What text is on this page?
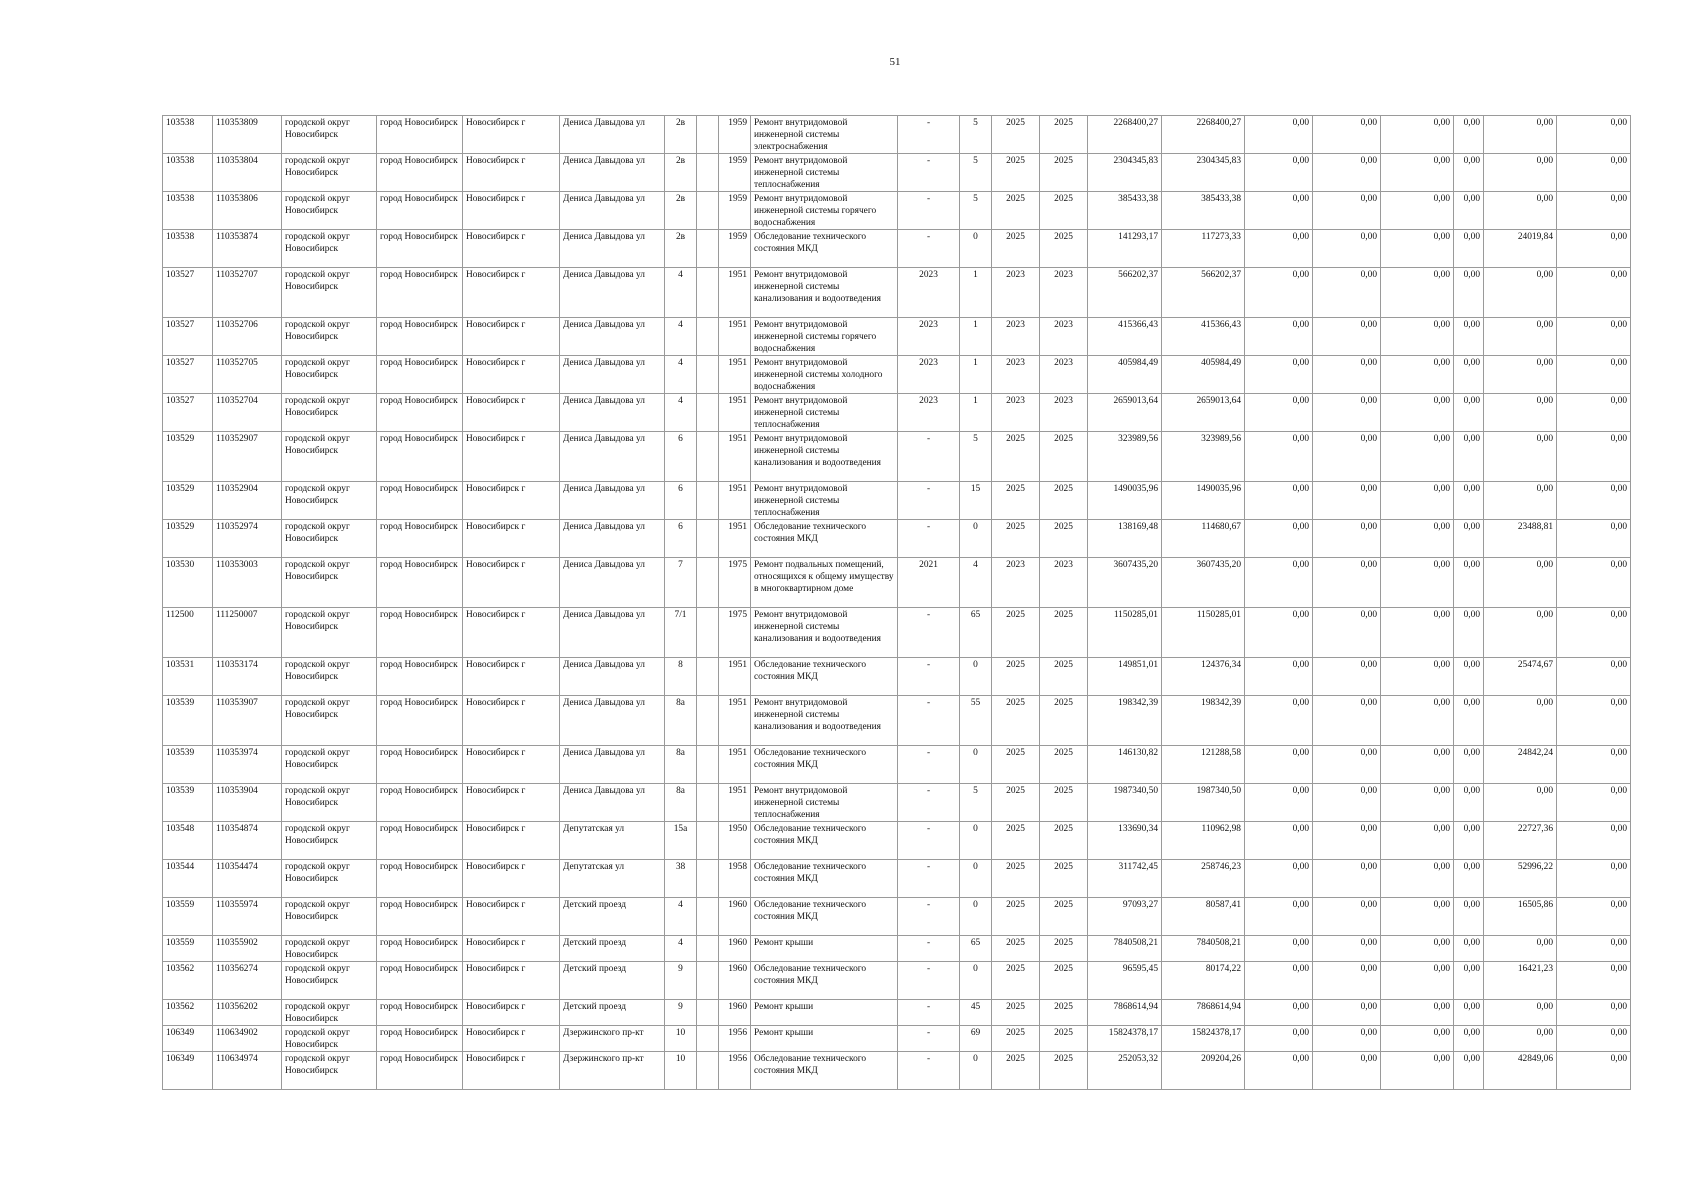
51
103538	110353809	городской округ Новосибирск	город Новосибирск	Новосибирск г	Дениса Давыдова ул	2в		1959	Ремонт внутридомовой инженерной системы электроснабжения	-	5	2025	2025	2268400,27	2268400,27	0,00	0,00	0,00	0,00	0,00	0,00
103538	110353804	городской округ Новосибирск	город Новосибирск	Новосибирск г	Дениса Давыдова ул	2в		1959	Ремонт внутридомовой инженерной системы теплоснабжения	-	5	2025	2025	2304345,83	2304345,83	0,00	0,00	0,00	0,00	0,00	0,00
103538	110353806	городской округ Новосибирск	город Новосибирск	Новосибирск г	Дениса Давыдова ул	2в		1959	Ремонт внутридомовой инженерной системы горячего водоснабжения	-	5	2025	2025	385433,38	385433,38	0,00	0,00	0,00	0,00	0,00	0,00
103538	110353874	городской округ Новосибирск	город Новосибирск	Новосибирск г	Дениса Давыдова ул	2в		1959	Обследование технического состояния МКД	-	0	2025	2025	141293,17	117273,33	0,00	0,00	0,00	0,00	24019,84	0,00
103527	110352707	городской округ Новосибирск	город Новосибирск	Новосибирск г	Дениса Давыдова ул	4		1951	Ремонт внутридомовой инженерной системы канализования и водоотведения	2023	1	2023	2023	566202,37	566202,37	0,00	0,00	0,00	0,00	0,00	0,00
103527	110352706	городской округ Новосибирск	город Новосибирск	Новосибирск г	Дениса Давыдова ул	4		1951	Ремонт внутридомовой инженерной системы горячего водоснабжения	2023	1	2023	2023	415366,43	415366,43	0,00	0,00	0,00	0,00	0,00	0,00
103527	110352705	городской округ Новосибирск	город Новосибирск	Новосибирск г	Дениса Давыдова ул	4		1951	Ремонт внутридомовой инженерной системы холодного водоснабжения	2023	1	2023	2023	405984,49	405984,49	0,00	0,00	0,00	0,00	0,00	0,00
103527	110352704	городской округ Новосибирск	город Новосибирск	Новосибирск г	Дениса Давыдова ул	4		1951	Ремонт внутридомовой инженерной системы теплоснабжения	2023	1	2023	2023	2659013,64	2659013,64	0,00	0,00	0,00	0,00	0,00	0,00
103529	110352907	городской округ Новосибирск	город Новосибирск	Новосибирск г	Дениса Давыдова ул	6		1951	Ремонт внутридомовой инженерной системы канализования и водоотведения	-	5	2025	2025	323989,56	323989,56	0,00	0,00	0,00	0,00	0,00	0,00
103529	110352904	городской округ Новосибирск	город Новосибирск	Новосибирск г	Дениса Давыдова ул	6		1951	Ремонт внутридомовой инженерной системы теплоснабжения	-	15	2025	2025	1490035,96	1490035,96	0,00	0,00	0,00	0,00	0,00	0,00
103529	110352974	городской округ Новосибирск	город Новосибирск	Новосибирск г	Дениса Давыдова ул	6		1951	Обследование технического состояния МКД	-	0	2025	2025	138169,48	114680,67	0,00	0,00	0,00	0,00	23488,81	0,00
103530	110353003	городской округ Новосибирск	город Новосибирск	Новосибирск г	Дениса Давыдова ул	7		1975	Ремонт подвальных помещений, относящихся к общему имуществу в многоквартирном доме	2021	4	2023	2023	3607435,20	3607435,20	0,00	0,00	0,00	0,00	0,00	0,00
112500	111250007	городской округ Новосибирск	город Новосибирск	Новосибирск г	Дениса Давыдова ул	7/1		1975	Ремонт внутридомовой инженерной системы канализования и водоотведения	-	65	2025	2025	1150285,01	1150285,01	0,00	0,00	0,00	0,00	0,00	0,00
103531	110353174	городской округ Новосибирск	город Новосибирск	Новосибирск г	Дениса Давыдова ул	8		1951	Обследование технического состояния МКД	-	0	2025	2025	149851,01	124376,34	0,00	0,00	0,00	0,00	25474,67	0,00
103539	110353907	городской округ Новосибирск	город Новосибирск	Новосибирск г	Дениса Давыдова ул	8а		1951	Ремонт внутридомовой инженерной системы канализования и водоотведения	-	55	2025	2025	198342,39	198342,39	0,00	0,00	0,00	0,00	0,00	0,00
103539	110353974	городской округ Новосибирск	город Новосибирск	Новосибирск г	Дениса Давыдова ул	8а		1951	Обследование технического состояния МКД	-	0	2025	2025	146130,82	121288,58	0,00	0,00	0,00	0,00	24842,24	0,00
103539	110353904	городской округ Новосибирск	город Новосибирск	Новосибирск г	Дениса Давыдова ул	8а		1951	Ремонт внутридомовой инженерной системы теплоснабжения	-	5	2025	2025	1987340,50	1987340,50	0,00	0,00	0,00	0,00	0,00	0,00
103548	110354874	городской округ Новосибирск	город Новосибирск	Новосибирск г	Депутатская ул	15а		1950	Обследование технического состояния МКД	-	0	2025	2025	133690,34	110962,98	0,00	0,00	0,00	0,00	22727,36	0,00
103544	110354474	городской округ Новосибирск	город Новосибирск	Новосибирск г	Депутатская ул	38		1958	Обследование технического состояния МКД	-	0	2025	2025	311742,45	258746,23	0,00	0,00	0,00	0,00	52996,22	0,00
103559	110355974	городской округ Новосибирск	город Новосибирск	Новосибирск г	Детский проезд	4		1960	Обследование технического состояния МКД	-	0	2025	2025	97093,27	80587,41	0,00	0,00	0,00	0,00	16505,86	0,00
103559	110355902	городской округ Новосибирск	город Новосибирск	Новосибирск г	Детский проезд	4		1960	Ремонт крыши	-	65	2025	2025	7840508,21	7840508,21	0,00	0,00	0,00	0,00	0,00	0,00
103562	110356274	городской округ Новосибирск	город Новосибирск	Новосибирск г	Детский проезд	9		1960	Обследование технического состояния МКД	-	0	2025	2025	96595,45	80174,22	0,00	0,00	0,00	0,00	16421,23	0,00
103562	110356202	городской округ Новосибирск	город Новосибирск	Новосибирск г	Детский проезд	9		1960	Ремонт крыши	-	45	2025	2025	7868614,94	7868614,94	0,00	0,00	0,00	0,00	0,00	0,00
106349	110634902	городской округ Новосибирск	город Новосибирск	Новосибирск г	Дзержинского пр-кт	10		1956	Ремонт крыши	-	69	2025	2025	15824378,17	15824378,17	0,00	0,00	0,00	0,00	0,00	0,00
106349	110634974	городской округ Новосибирск	город Новосибирск	Новосибирск г	Дзержинского пр-кт	10		1956	Обследование технического состояния МКД	-	0	2025	2025	252053,32	209204,26	0,00	0,00	0,00	0,00	42849,06	0,00
